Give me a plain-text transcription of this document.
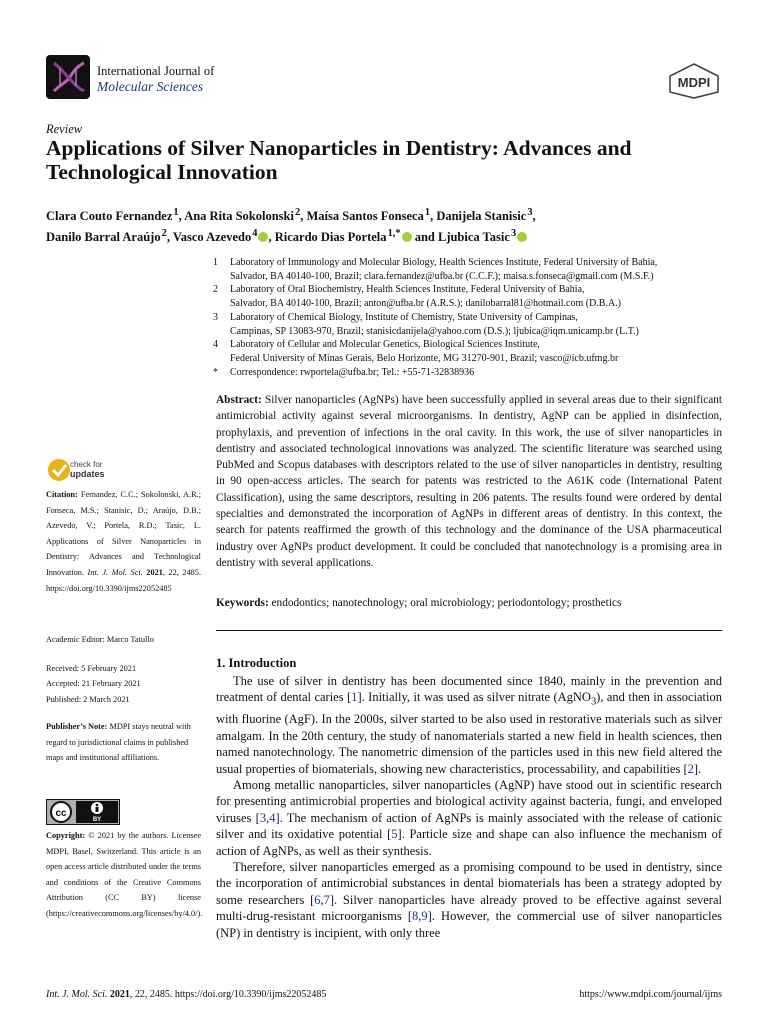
International Journal of
Molecular Sciences	MDPI
Review
Applications of Silver Nanoparticles in Dentistry: Advances and Technological Innovation
Clara Couto Fernandez $^1$, Ana Rita Sokolonski $^2$, Maísa Santos Fonseca $^1$, Danijela Stanisic $^3$,
Danilo Barral Araújo $^2$, Vasco Azevedo $^4$ , Ricardo Dias Portela $^{1,*}$ and Ljubica Tasic $^3$
1	Laboratory of Immunology and Molecular Biology, Health Sciences Institute, Federal University of Bahia,
Salvador, BA 40140-100, Brazil; clara.fernandez@ufba.br (C.C.F.); maisa.s.fonseca@gmail.com (M.S.F.)
2	Laboratory of Oral Biochemistry, Health Sciences Institute, Federal University of Bahia,
Salvador, BA 40140-100, Brazil; anton@ufba.br (A.R.S.); danilobarral81@hotmail.com (D.B.A.)
3	Laboratory of Chemical Biology, Institute of Chemistry, State University of Campinas,
Campinas, SP 13083-970, Brazil; stanisicdanijela@yahoo.com (D.S.); ljubica@iqm.unicamp.br (L.T.)
4	Laboratory of Cellular and Molecular Genetics, Biological Sciences Institute,
Federal University of Minas Gerais, Belo Horizonte, MG 31270-901, Brazil; vasco@icb.ufmg.br
*	Correspondence: rwportela@ufba.br; Tel.: +55-71-32838936
Abstract: Silver nanoparticles (AgNPs) have been successfully applied in several areas due to their significant antimicrobial activity against several microorganisms. In dentistry, AgNP can be applied in disinfection, prophylaxis, and prevention of infections in the oral cavity. In this work, the use of silver nanoparticles in dentistry and associated technological innovations was analyzed. The scientific literature was searched using PubMed and Scopus databases with descriptors related to the use of silver nanoparticles in dentistry, resulting in 90 open-access articles. The search for patents was restricted to the A61K code (International Patent Classification), using the same descriptors, resulting in 206 patents. The results found were ordered by dental specialties and demonstrated the incorporation of AgNPs in different areas of dentistry. In this context, the search for patents reaffirmed the growth of this technology and the dominance of the USA pharmaceutical industry over AgNPs product development. It could be concluded that nanotechnology is a promising area in dentistry with several applications.
Keywords: endodontics; nanotechnology; oral microbiology; periodontology; prosthetics
check for
updates
Citation: Fernandez, C.C.; Sokolonski, A.R.; Fonseca, M.S.; Stanisic, D.; Araújo, D.B.; Azevedo, V.; Portela, R.D.; Tasic, L. Applications of Silver Nanoparticles in Dentistry: Advances and Technological Innovation. Int. J. Mol. Sci. 2021, 22, 2485. https://doi.org/10.3390/ijms22052485
Academic Editor: Marco Tatullo
Received: 5 February 2021
Accepted: 21 February 2021
Published: 2 March 2021
Publisher’s Note: MDPI stays neutral with regard to jurisdictional claims in published maps and institutional affiliations.
cc
BY
Copyright: © 2021 by the authors. Licensee MDPI, Basel, Switzerland. This article is an open access article distributed under the terms and conditions of the Creative Commons Attribution (CC BY) license (https://creativecommons.org/licenses/by/4.0/).
1. Introduction

The use of silver in dentistry has been documented since 1840, mainly in the prevention and treatment of dental caries [1]. Initially, it was used as silver nitrate (AgNO$_3$), and then in association with fluorine (AgF). In the 2000s, silver started to be also used in restorative materials such as silver amalgam. In the 20th century, the study of nanomaterials started a new field in health sciences, then named nanotechnology. The nanometric dimension of the particles used in this new field altered the usual properties of biomaterials, showing new characteristics, processability, and capabilities [2].

Among metallic nanoparticles, silver nanoparticles (AgNP) have stood out in scientific research for presenting antimicrobial properties and biological activity against bacteria, fungi, and enveloped viruses [3,4]. The mechanism of action of AgNPs is mainly associated with the release of cationic silver and its oxidative potential [5]. Particle size and shape can also influence the mechanism of action of AgNPs, as well as their synthesis.

Therefore, silver nanoparticles emerged as a promising compound to be used in dentistry, since the incorporation of antimicrobial substances in dental biomaterials has been a strategy adopted by some researchers [6,7]. Silver nanoparticles have already proved to be effective against several multi-drug-resistant microorganisms [8,9]. However, the commercial use of silver nanoparticles (NP) in dentistry is incipient, with only three

Int. J. Mol. Sci. 2021, 22, 2485. https://doi.org/10.3390/ijms22052485	https://www.mdpi.com/journal/ijms
